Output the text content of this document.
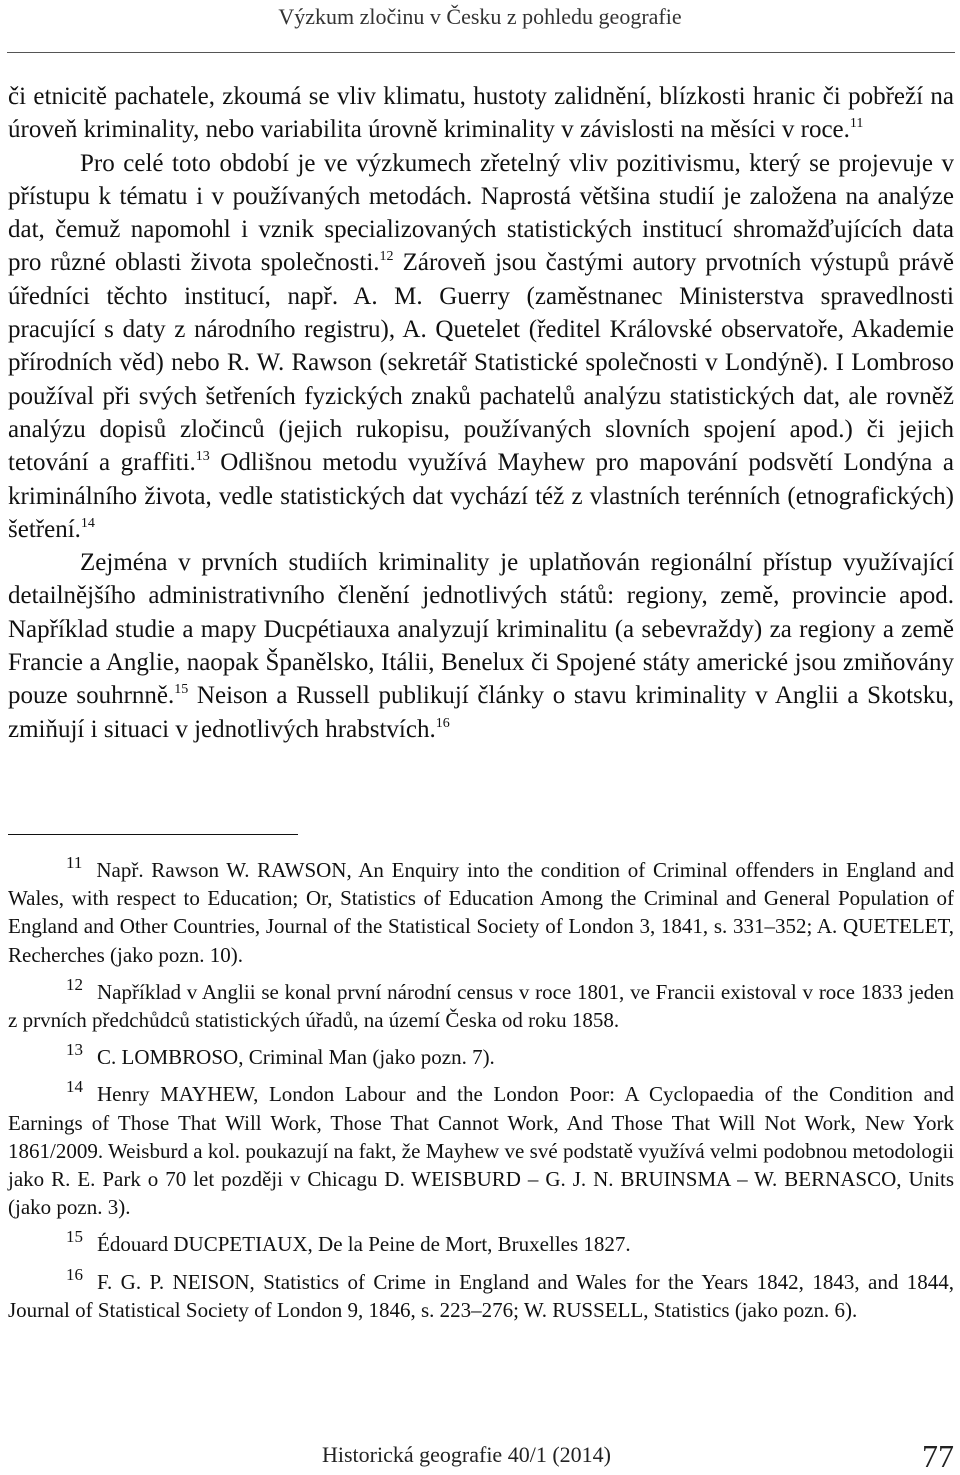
Výzkum zločinu v Česku z pohledu geografie

či etnicitě pachatele, zkoumá se vliv klimatu, hustoty zalidnění, blízkosti hranic či pobřeží na úroveň kriminality, nebo variabilita úrovně kriminality v závislosti na měsíci v roce.$^{11}$

Pro celé toto období je ve výzkumech zřetelný vliv pozitivismu, který se projevuje v přístupu k tématu i v používaných metodách. Naprostá většina studií je založena na analýze dat, čemuž napomohl i vznik specializovaných statistických institucí shromažďujících data pro různé oblasti života společnosti.$^{12}$ Zároveň jsou častými autory prvotních výstupů právě úředníci těchto institucí, např. A. M. Guerry (zaměstnanec Ministerstva spravedlnosti pracující s daty z národního registru), A. Quetelet (ředitel Královské observatoře, Akademie přírodních věd) nebo R. W. Rawson (sekretář Statistické společnosti v Londýně). I Lombroso používal při svých šetřeních fyzických znaků pachatelů analýzu statistických dat, ale rovněž analýzu dopisů zločinců (jejich rukopisu, používaných slovních spojení apod.) či jejich tetování a graffiti.$^{13}$ Odlišnou metodu využívá Mayhew pro mapování podsvětí Londýna a kriminálního života, vedle statistických dat vychází též z vlastních terénních (etnografických) šetření.$^{14}$

Zejména v prvních studiích kriminality je uplatňován regionální přístup využívající detailnějšího administrativního členění jednotlivých států: regiony, země, provincie apod. Například studie a mapy Ducpétiauxa analyzují kriminalitu (a sebevraždy) za regiony a země Francie a Anglie, naopak Španělsko, Itálii, Benelux či Spojené státy americké jsou zmiňovány pouze souhrnně.$^{15}$ Neison a Russell publikují články o stavu kriminality v Anglii a Skotsku, zmiňují i situaci v jednotlivých hrabstvích.$^{16}$

$^{11}$ Např. Rawson W. RAWSON, An Enquiry into the condition of Criminal offenders in England and Wales, with respect to Education; Or, Statistics of Education Among the Criminal and General Population of England and Other Countries, Journal of the Statistical Society of London 3, 1841, s. 331–352; A. QUETELET, Recherches (jako pozn. 10).

$^{12}$ Například v Anglii se konal první národní census v roce 1801, ve Francii existoval v roce 1833 jeden z prvních předchůdců statistických úřadů, na území Česka od roku 1858.

$^{13}$ C. LOMBROSO, Criminal Man (jako pozn. 7).

$^{14}$ Henry MAYHEW, London Labour and the London Poor: A Cyclopaedia of the Condition and Earnings of Those That Will Work, Those That Cannot Work, And Those That Will Not Work, New York 1861/2009. Weisburd a kol. poukazují na fakt, že Mayhew ve své podstatě využívá velmi podobnou metodologii jako R. E. Park o 70 let později v Chicagu D. WEISBURD – G. J. N. BRUINSMA – W. BERNASCO, Units (jako pozn. 3).

$^{15}$ Édouard DUCPETIAUX, De la Peine de Mort, Bruxelles 1827.

$^{16}$ F. G. P. NEISON, Statistics of Crime in England and Wales for the Years 1842, 1843, and 1844, Journal of Statistical Society of London 9, 1846, s. 223–276; W. RUSSELL, Statistics (jako pozn. 6).

Historická geografie 40/1 (2014)	77
